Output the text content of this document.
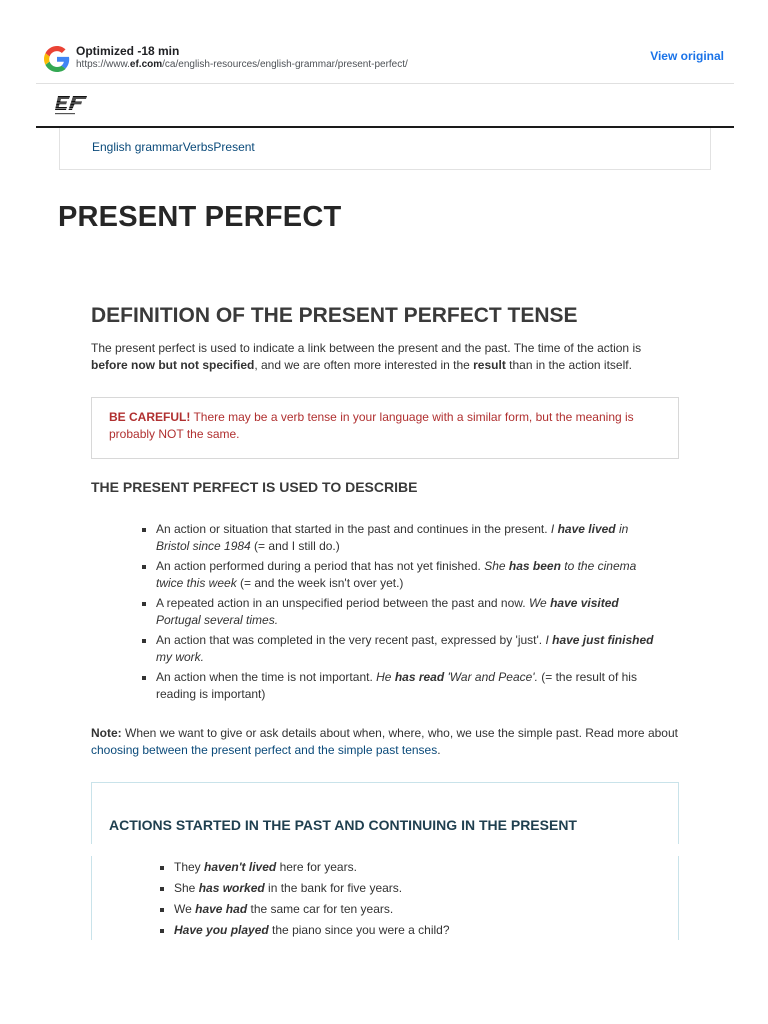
Optimized -18 min
https://www.ef.com/ca/english-resources/english-grammar/present-perfect/
View original
English grammarVerbsPresent
PRESENT PERFECT
DEFINITION OF THE PRESENT PERFECT TENSE
The present perfect is used to indicate a link between the present and the past. The time of the action is before now but not specified, and we are often more interested in the result than in the action itself.
BE CAREFUL! There may be a verb tense in your language with a similar form, but the meaning is probably NOT the same.
THE PRESENT PERFECT IS USED TO DESCRIBE
An action or situation that started in the past and continues in the present. I have lived in Bristol since 1984 (= and I still do.)
An action performed during a period that has not yet finished. She has been to the cinema twice this week (= and the week isn't over yet.)
A repeated action in an unspecified period between the past and now. We have visited Portugal several times.
An action that was completed in the very recent past, expressed by 'just'. I have just finished my work.
An action when the time is not important. He has read 'War and Peace'. (= the result of his reading is important)
Note: When we want to give or ask details about when, where, who, we use the simple past. Read more about choosing between the present perfect and the simple past tenses.
ACTIONS STARTED IN THE PAST AND CONTINUING IN THE PRESENT
They haven't lived here for years.
She has worked in the bank for five years.
We have had the same car for ten years.
Have you played the piano since you were a child?
